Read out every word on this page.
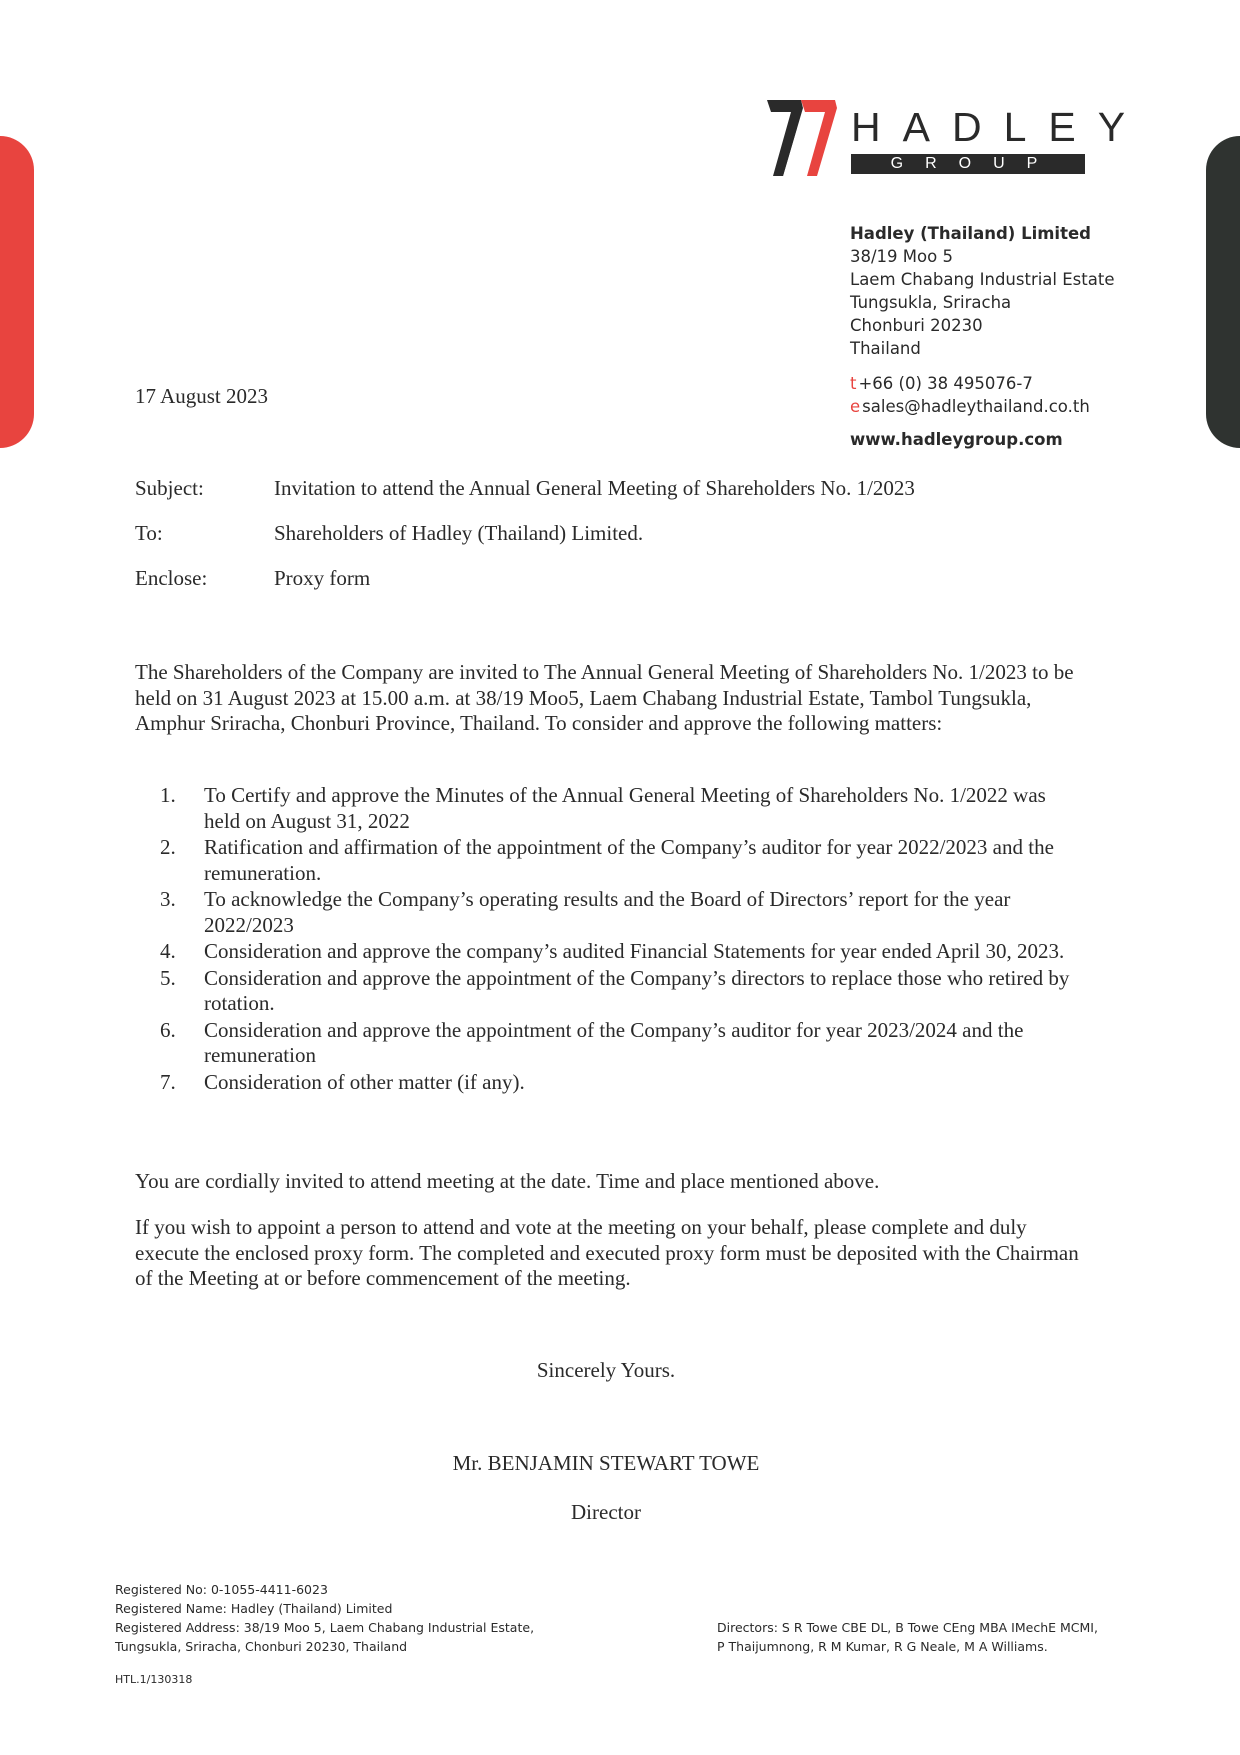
HADLEY
GROUP
Hadley (Thailand) Limited
38/19 Moo 5
Laem Chabang Industrial Estate
Tungsukla, Sriracha
Chonburi 20230
Thailand
t +66 (0) 38 495076-7
e sales@hadleythailand.co.th
www.hadleygroup.com
17 August 2023
Subject:	Invitation to attend the Annual General Meeting of Shareholders No. 1/2023
To:	Shareholders of Hadley (Thailand) Limited.
Enclose:	Proxy form
The Shareholders of the Company are invited to The Annual General Meeting of Shareholders No. 1/2023 to be held on 31 August 2023 at 15.00 a.m. at 38/19 Moo5, Laem Chabang Industrial Estate, Tambol Tungsukla, Amphur Sriracha, Chonburi Province, Thailand. To consider and approve the following matters:
1.	To Certify and approve the Minutes of the Annual General Meeting of Shareholders No. 1/2022 was held on August 31, 2022
2.	Ratification and affirmation of the appointment of the Company’s auditor for year 2022/2023 and the remuneration.
3.	To acknowledge the Company’s operating results and the Board of Directors’ report for the year 2022/2023
4.	Consideration and approve the company’s audited Financial Statements for year ended April 30, 2023.
5.	Consideration and approve the appointment of the Company’s directors to replace those who retired by rotation.
6.	Consideration and approve the appointment of the Company’s auditor for year 2023/2024 and the remuneration
7.	Consideration of other matter (if any).
You are cordially invited to attend meeting at the date. Time and place mentioned above.
If you wish to appoint a person to attend and vote at the meeting on your behalf, please complete and duly execute the enclosed proxy form. The completed and executed proxy form must be deposited with the Chairman of the Meeting at or before commencement of the meeting.
Sincerely Yours.
Mr. BENJAMIN STEWART TOWE
Director
Registered No: 0-1055-4411-6023
Registered Name: Hadley (Thailand) Limited
Registered Address: 38/19 Moo 5, Laem Chabang Industrial Estate,
Tungsukla, Sriracha, Chonburi 20230, Thailand
Directors: S R Towe CBE DL, B Towe CEng MBA IMechE MCMI,
P Thaijumnong, R M Kumar, R G Neale, M A Williams.
HTL.1/130318
